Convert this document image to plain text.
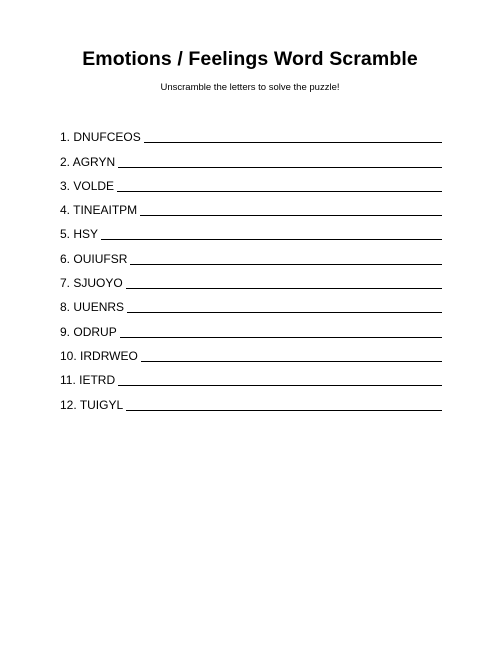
Emotions / Feelings Word Scramble
Unscramble the letters to solve the puzzle!
1. DNUFCEOS
2. AGRYN
3. VOLDE
4. TINEAITPM
5. HSY
6. OUIUFSR
7. SJUOYO
8. UUENRS
9. ODRUP
10. IRDRWEO
11. IETRD
12. TUIGYL
